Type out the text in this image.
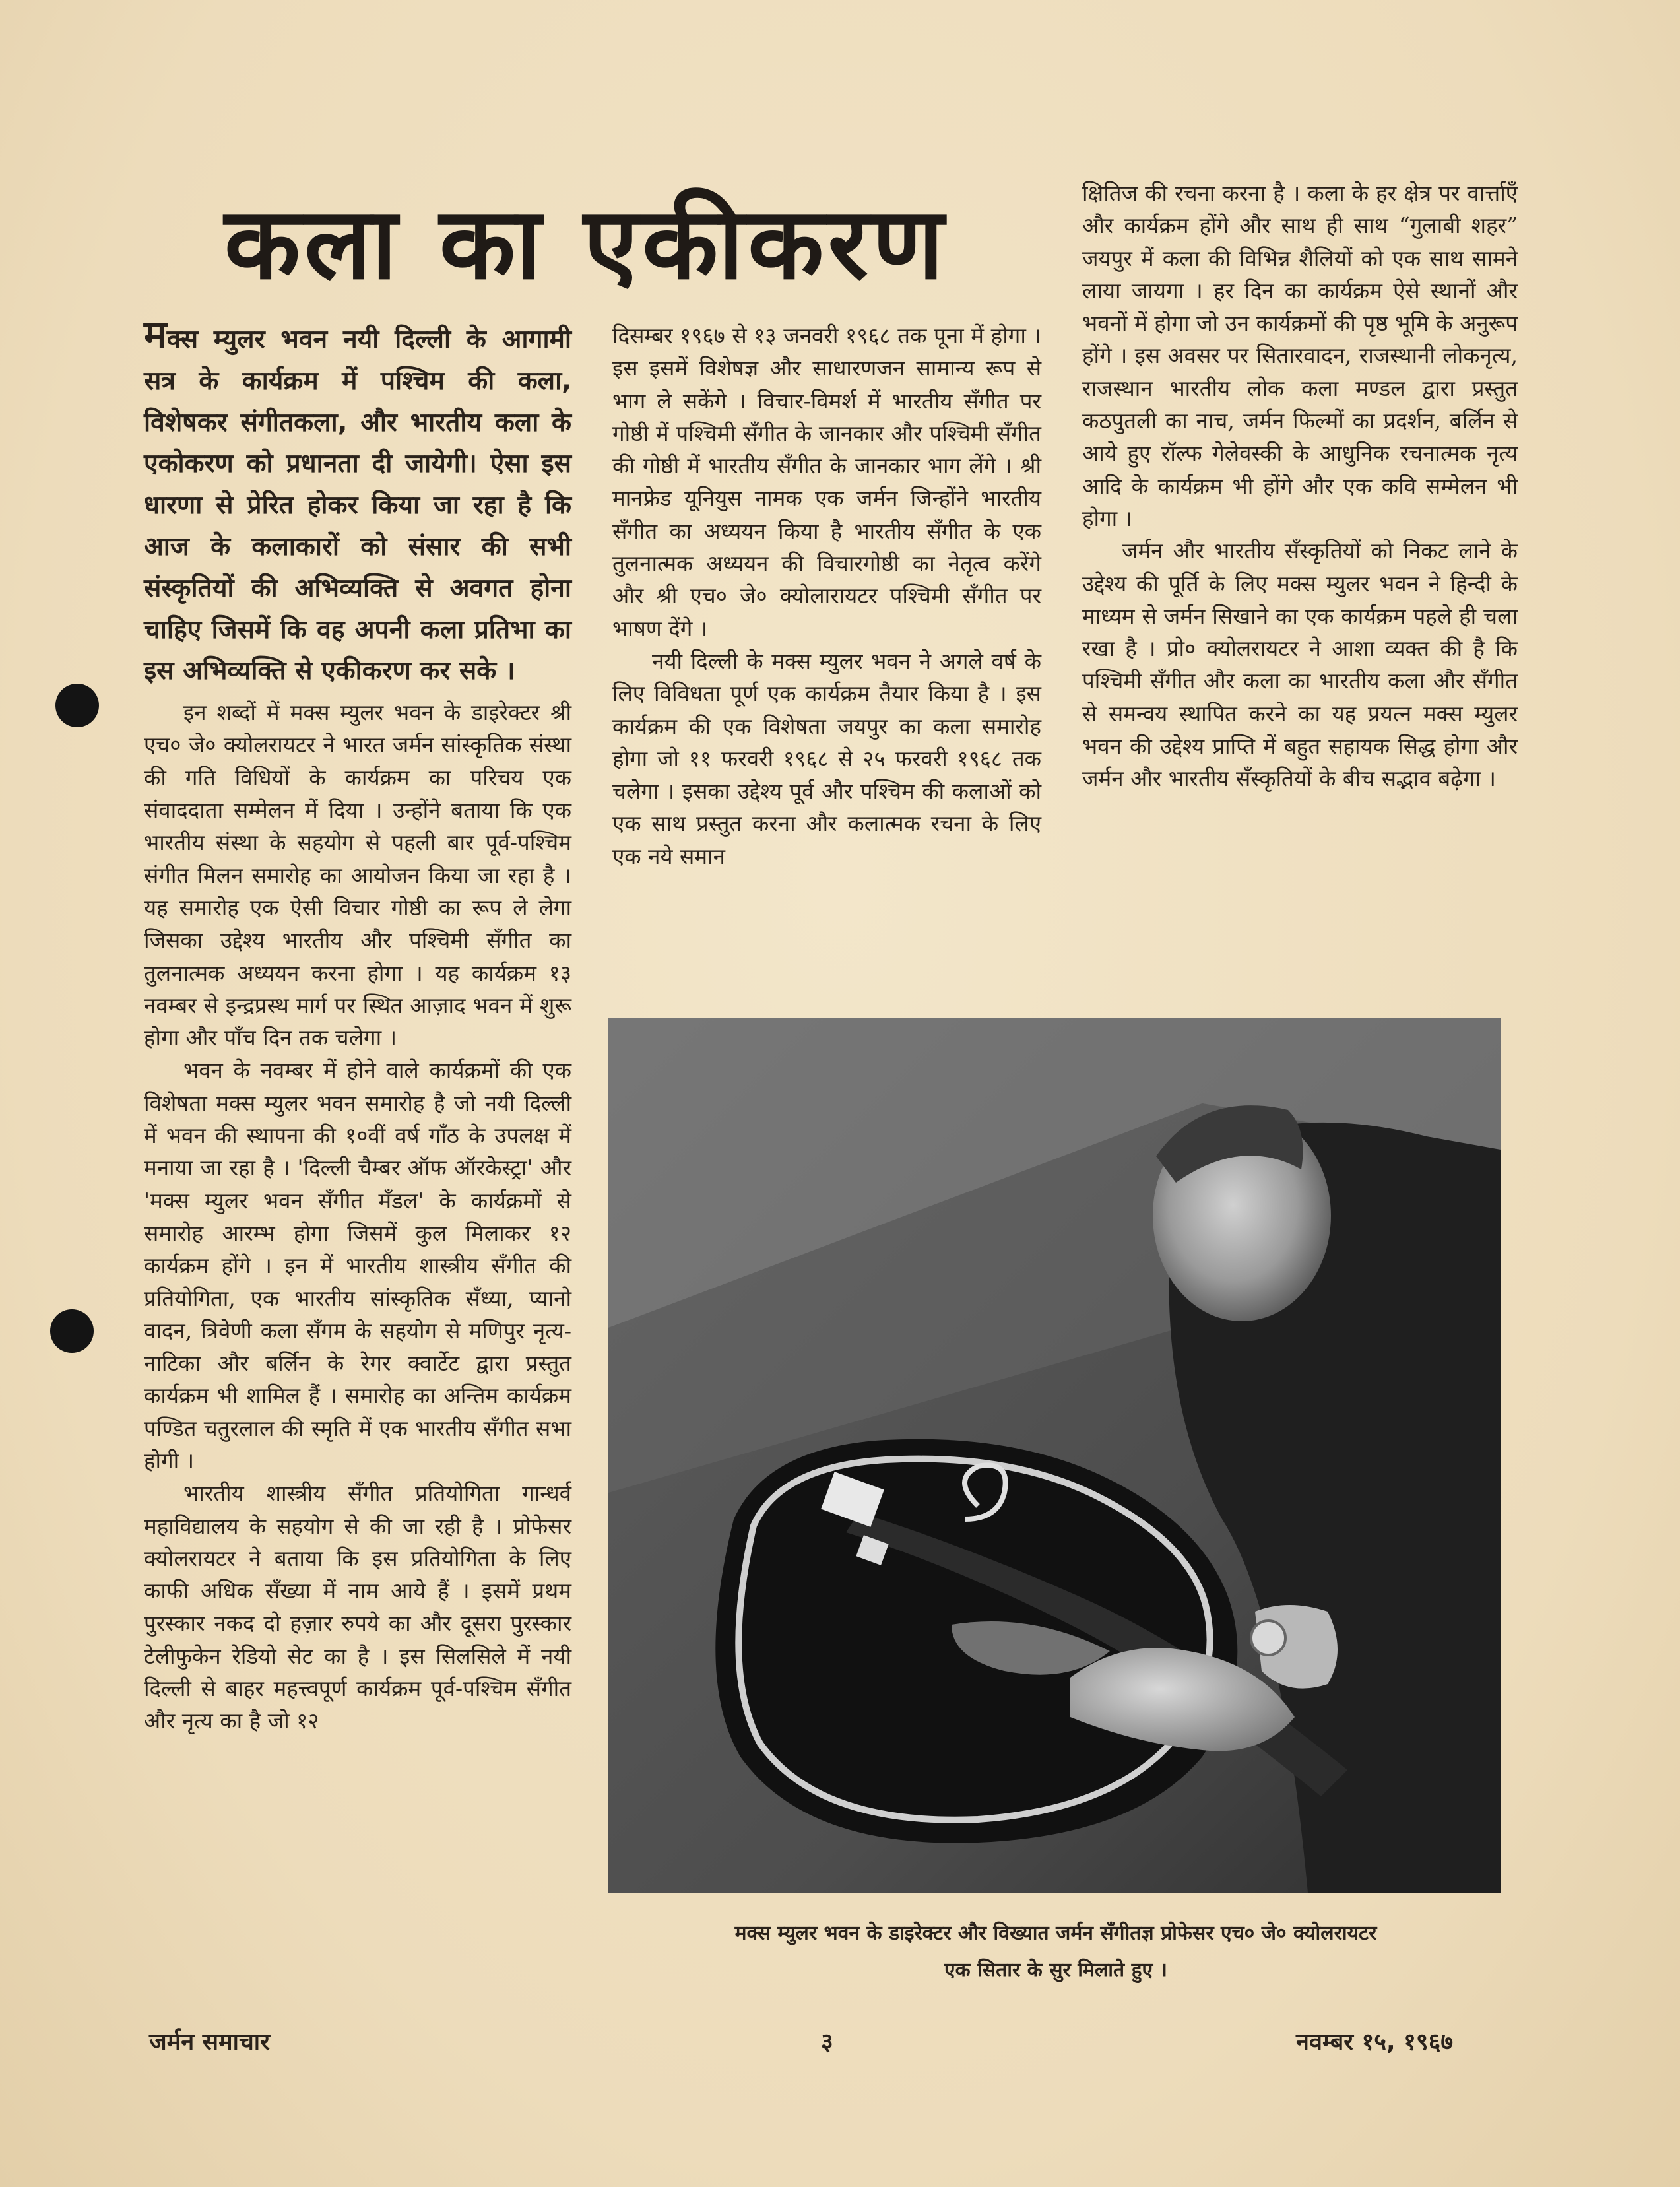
कला का एकीकरण

मक्स म्युलर भवन नयी दिल्ली के आगामी सत्र के कार्यक्रम में पश्चिम की कला, विशेषकर संगीतकला, और भारतीय कला के एकोकरण को प्रधानता दी जायेगी। ऐसा इस धारणा से प्रेरित होकर किया जा रहा है कि आज के कलाकारों को संसार की सभी संस्कृतियों की अभिव्यक्ति से अवगत होना चाहिए जिसमें कि वह अपनी कला प्रतिभा का इस अभिव्यक्ति से एकीकरण कर सके ।

इन शब्दों में मक्स म्युलर भवन के डाइरेक्टर श्री एच० जे० क्योलरायटर ने भारत जर्मन सांस्कृतिक संस्था की गति विधियों के कार्यक्रम का परिचय एक संवाददाता सम्मेलन में दिया । उन्होंने बताया कि एक भारतीय संस्था के सहयोग से पहली बार पूर्व-पश्चिम संगीत मिलन समारोह का आयोजन किया जा रहा है । यह समारोह एक ऐसी विचार गोष्ठी का रूप ले लेगा जिसका उद्देश्य भारतीय और पश्चिमी सँगीत का तुलनात्मक अध्ययन करना होगा । यह कार्यक्रम १३ नवम्बर से इन्द्रप्रस्थ मार्ग पर स्थित आज़ाद भवन में शुरू होगा और पाँच दिन तक चलेगा ।

भवन के नवम्बर में होने वाले कार्यक्रमों की एक विशेषता मक्स म्युलर भवन समारोह है जो नयी दिल्ली में भवन की स्थापना की १०वीं वर्ष गाँठ के उपलक्ष में मनाया जा रहा है । 'दिल्ली चैम्बर ऑफ ऑरकेस्ट्रा' और 'मक्स म्युलर भवन सँगीत मँडल' के कार्यक्रमों से समारोह आरम्भ होगा जिसमें कुल मिलाकर १२ कार्यक्रम होंगे । इन में भारतीय शास्त्रीय सँगीत की प्रतियोगिता, एक भारतीय सांस्कृतिक सँध्या, प्यानो वादन, त्रिवेणी कला सँगम के सहयोग से मणिपुर नृत्य-नाटिका और बर्लिन के रेगर क्वार्टेट द्वारा प्रस्तुत कार्यक्रम भी शामिल हैं । समारोह का अन्तिम कार्यक्रम पण्डित चतुरलाल की स्मृति में एक भारतीय सँगीत सभा होगी ।

भारतीय शास्त्रीय सँगीत प्रतियोगिता गान्धर्व महाविद्यालय के सहयोग से की जा रही है । प्रोफेसर क्योलरायटर ने बताया कि इस प्रतियोगिता के लिए काफी अधिक सँख्या में नाम आये हैं । इसमें प्रथम पुरस्कार नकद दो हज़ार रुपये का और दूसरा पुरस्कार टेलीफुकेन रेडियो सेट का है । इस सिलसिले में नयी दिल्ली से बाहर महत्त्वपूर्ण कार्यक्रम पूर्व-पश्चिम सँगीत और नृत्य का है जो १२

दिसम्बर १९६७ से १३ जनवरी १९६८ तक पूना में होगा । इस इसमें विशेषज्ञ और साधारणजन सामान्य रूप से भाग ले सकेंगे । विचार-विमर्श में भारतीय सँगीत पर गोष्ठी में पश्चिमी सँगीत के जानकार और पश्चिमी सँगीत की गोष्ठी में भारतीय सँगीत के जानकार भाग लेंगे । श्री मानफ्रेड यूनियुस नामक एक जर्मन जिन्होंने भारतीय सँगीत का अध्ययन किया है भारतीय सँगीत के एक तुलनात्मक अध्ययन की विचारगोष्ठी का नेतृत्व करेंगे और श्री एच० जे० क्योलारायटर पश्चिमी सँगीत पर भाषण देंगे ।

नयी दिल्ली के मक्स म्युलर भवन ने अगले वर्ष के लिए विविधता पूर्ण एक कार्यक्रम तैयार किया है । इस कार्यक्रम की एक विशेषता जयपुर का कला समारोह होगा जो ११ फरवरी १९६८ से २५ फरवरी १९६८ तक चलेगा । इसका उद्देश्य पूर्व और पश्चिम की कलाओं को एक साथ प्रस्तुत करना और कलात्मक रचना के लिए एक नये समान

क्षितिज की रचना करना है । कला के हर क्षेत्र पर वार्त्ताएँ और कार्यक्रम होंगे और साथ ही साथ “गुलाबी शहर” जयपुर में कला की विभिन्न शैलियों को एक साथ सामने लाया जायगा । हर दिन का कार्यक्रम ऐसे स्थानों और भवनों में होगा जो उन कार्यक्रमों की पृष्ठ भूमि के अनुरूप होंगे । इस अवसर पर सितारवादन, राजस्थानी लोकनृत्य, राजस्थान भारतीय लोक कला मण्डल द्वारा प्रस्तुत कठपुतली का नाच, जर्मन फिल्मों का प्रदर्शन, बर्लिन से आये हुए रॉल्फ गेलेवस्की के आधुनिक रचनात्मक नृत्य आदि के कार्यक्रम भी होंगे और एक कवि सम्मेलन भी होगा ।

जर्मन और भारतीय सँस्कृतियों को निकट लाने के उद्देश्य की पूर्ति के लिए मक्स म्युलर भवन ने हिन्दी के माध्यम से जर्मन सिखाने का एक कार्यक्रम पहले ही चला रखा है । प्रो० क्योलरायटर ने आशा व्यक्त की है कि पश्चिमी सँगीत और कला का भारतीय कला और सँगीत से समन्वय स्थापित करने का यह प्रयत्न मक्स म्युलर भवन की उद्देश्य प्राप्ति में बहुत सहायक सिद्ध होगा और जर्मन और भारतीय सँस्कृतियों के बीच सद्भाव बढ़ेगा ।

मक्स म्युलर भवन के डाइरेक्टर और विख्यात जर्मन सँगीतज्ञ प्रोफेसर एच० जे० क्योलरायटर
एक सितार के सुर मिलाते हुए ।
जर्मन समाचार	३	नवम्बर १५, १९६७
